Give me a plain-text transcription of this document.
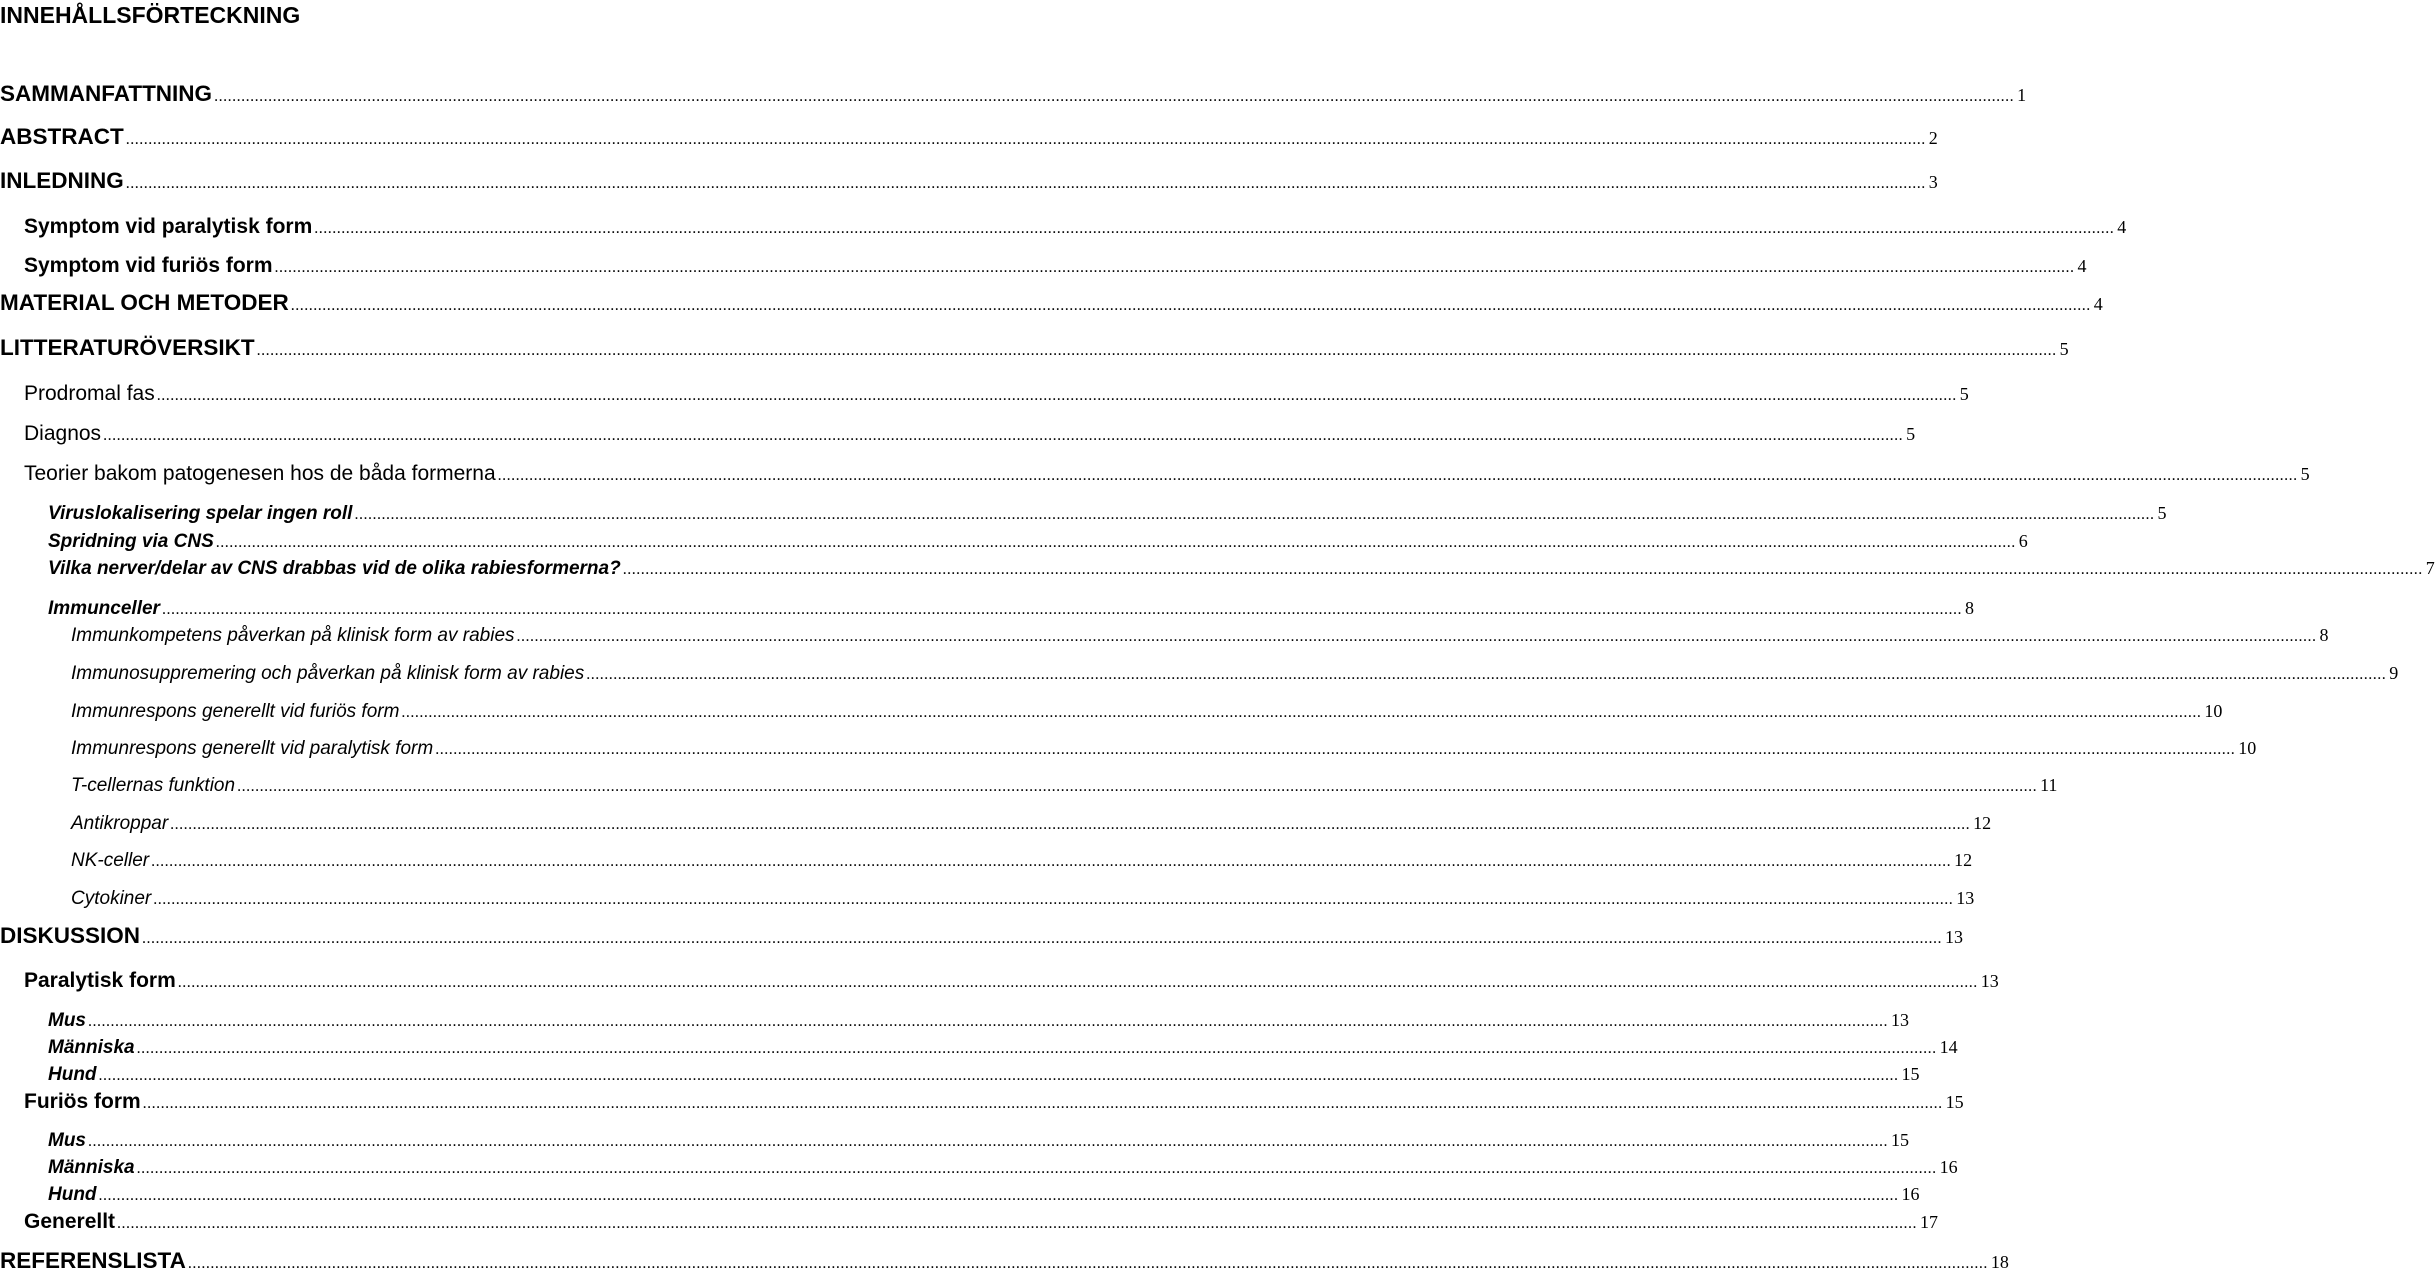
INNEHÅLLSFÖRTECKNING
SAMMANFATTNING ................................................................................................................................................................................................................................................................................................................................................................................................................ 1
ABSTRACT ................................................................................................................................................................................................................................................................................................................................................................................................................ 2
INLEDNING ................................................................................................................................................................................................................................................................................................................................................................................................................ 3
Symptom vid paralytisk form ................................................................................................................................................................................................................................................................................................................................................................................................................ 4
Symptom vid furiös form ................................................................................................................................................................................................................................................................................................................................................................................................................ 4
MATERIAL OCH METODER ................................................................................................................................................................................................................................................................................................................................................................................................................ 4
LITTERATURÖVERSIKT ................................................................................................................................................................................................................................................................................................................................................................................................................ 5
Prodromal fas ................................................................................................................................................................................................................................................................................................................................................................................................................ 5
Diagnos ................................................................................................................................................................................................................................................................................................................................................................................................................ 5
Teorier bakom patogenesen hos de båda formerna ................................................................................................................................................................................................................................................................................................................................................................................................................ 5
Viruslokalisering spelar ingen roll ................................................................................................................................................................................................................................................................................................................................................................................................................ 5
Spridning via CNS ................................................................................................................................................................................................................................................................................................................................................................................................................ 6
Vilka nerver/delar av CNS drabbas vid de olika rabiesformerna? ................................................................................................................................................................................................................................................................................................................................................................................................................ 7
Immunceller ................................................................................................................................................................................................................................................................................................................................................................................................................ 8
Immunkompetens påverkan på klinisk form av rabies ................................................................................................................................................................................................................................................................................................................................................................................................................ 8
Immunosuppremering och påverkan på klinisk form av rabies ................................................................................................................................................................................................................................................................................................................................................................................................................ 9
Immunrespons generellt vid furiös form ................................................................................................................................................................................................................................................................................................................................................................................................................ 10
Immunrespons generellt vid paralytisk form ................................................................................................................................................................................................................................................................................................................................................................................................................ 10
T-cellernas funktion ................................................................................................................................................................................................................................................................................................................................................................................................................ 11
Antikroppar ................................................................................................................................................................................................................................................................................................................................................................................................................ 12
NK-celler ................................................................................................................................................................................................................................................................................................................................................................................................................ 12
Cytokiner ................................................................................................................................................................................................................................................................................................................................................................................................................ 13
DISKUSSION ................................................................................................................................................................................................................................................................................................................................................................................................................ 13
Paralytisk form ................................................................................................................................................................................................................................................................................................................................................................................................................ 13
Mus ................................................................................................................................................................................................................................................................................................................................................................................................................ 13
Människa ................................................................................................................................................................................................................................................................................................................................................................................................................ 14
Hund ................................................................................................................................................................................................................................................................................................................................................................................................................ 15
Furiös form ................................................................................................................................................................................................................................................................................................................................................................................................................ 15
Mus ................................................................................................................................................................................................................................................................................................................................................................................................................ 15
Människa ................................................................................................................................................................................................................................................................................................................................................................................................................ 16
Hund ................................................................................................................................................................................................................................................................................................................................................................................................................ 16
Generellt ................................................................................................................................................................................................................................................................................................................................................................................................................ 17
REFERENSLISTA ................................................................................................................................................................................................................................................................................................................................................................................................................ 18
